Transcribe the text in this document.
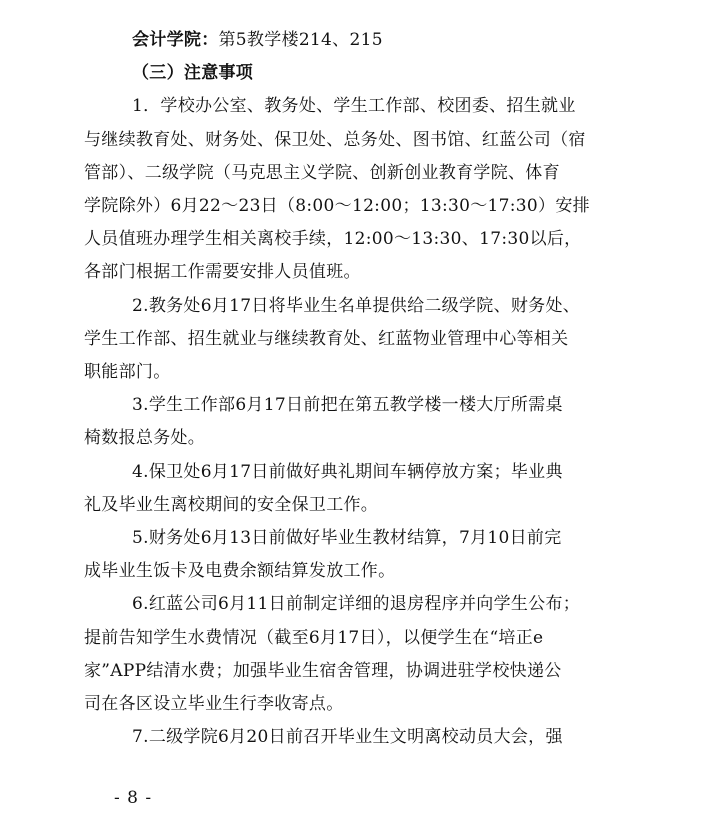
会计学院：第5教学楼214、215

（三）注意事项

1．学校办公室、教务处、学生工作部、校团委、招生就业

与继续教育处、财务处、保卫处、总务处、图书馆、红蓝公司（宿

管部）、二级学院（马克思主义学院、创新创业教育学院、体育

学院除外）6月22～23日（8:00～12:00；13:30～17:30）安排

人员值班办理学生相关离校手续，12:00～13:30、17:30以后，

各部门根据工作需要安排人员值班。

2.教务处6月17日将毕业生名单提供给二级学院、财务处、

学生工作部、招生就业与继续教育处、红蓝物业管理中心等相关

职能部门。

3.学生工作部6月17日前把在第五教学楼一楼大厅所需桌

椅数报总务处。

4.保卫处6月17日前做好典礼期间车辆停放方案；毕业典

礼及毕业生离校期间的安全保卫工作。

5.财务处6月13日前做好毕业生教材结算，7月10日前完

成毕业生饭卡及电费余额结算发放工作。

6.红蓝公司6月11日前制定详细的退房程序并向学生公布；

提前告知学生水费情况（截至6月17日），以便学生在“培正e

家”APP结清水费；加强毕业生宿舍管理，协调进驻学校快递公

司在各区设立毕业生行李收寄点。

7.二级学院6月20日前召开毕业生文明离校动员大会，强

- 8 -
